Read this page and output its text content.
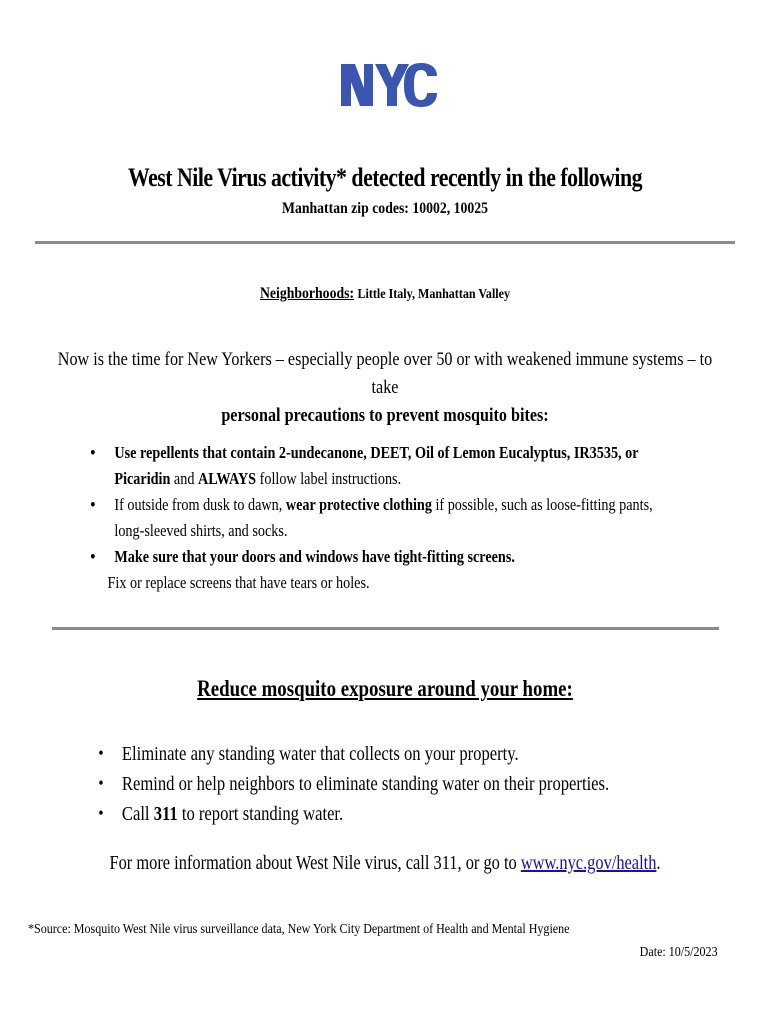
West Nile Virus activity* detected recently in the following
Manhattan zip codes: 10002, 10025
Neighborhoods: Little Italy, Manhattan Valley
Now is the time for New Yorkers – especially people over 50 or with weakened immune systems – to take
personal precautions to prevent mosquito bites:
• Use repellents that contain 2-undecanone, DEET, Oil of Lemon Eucalyptus, IR3535, or
Picaridin and ALWAYS follow label instructions.
• If outside from dusk to dawn, wear protective clothing if possible, such as loose-fitting pants,
long-sleeved shirts, and socks.
• Make sure that your doors and windows have tight-fitting screens.
Fix or replace screens that have tears or holes.
Reduce mosquito exposure around your home:
• Eliminate any standing water that collects on your property.
• Remind or help neighbors to eliminate standing water on their properties.
• Call 311 to report standing water.
For more information about West Nile virus, call 311, or go to www.nyc.gov/health.
*Source: Mosquito West Nile virus surveillance data, New York City Department of Health and Mental Hygiene
Date: 10/5/2023
